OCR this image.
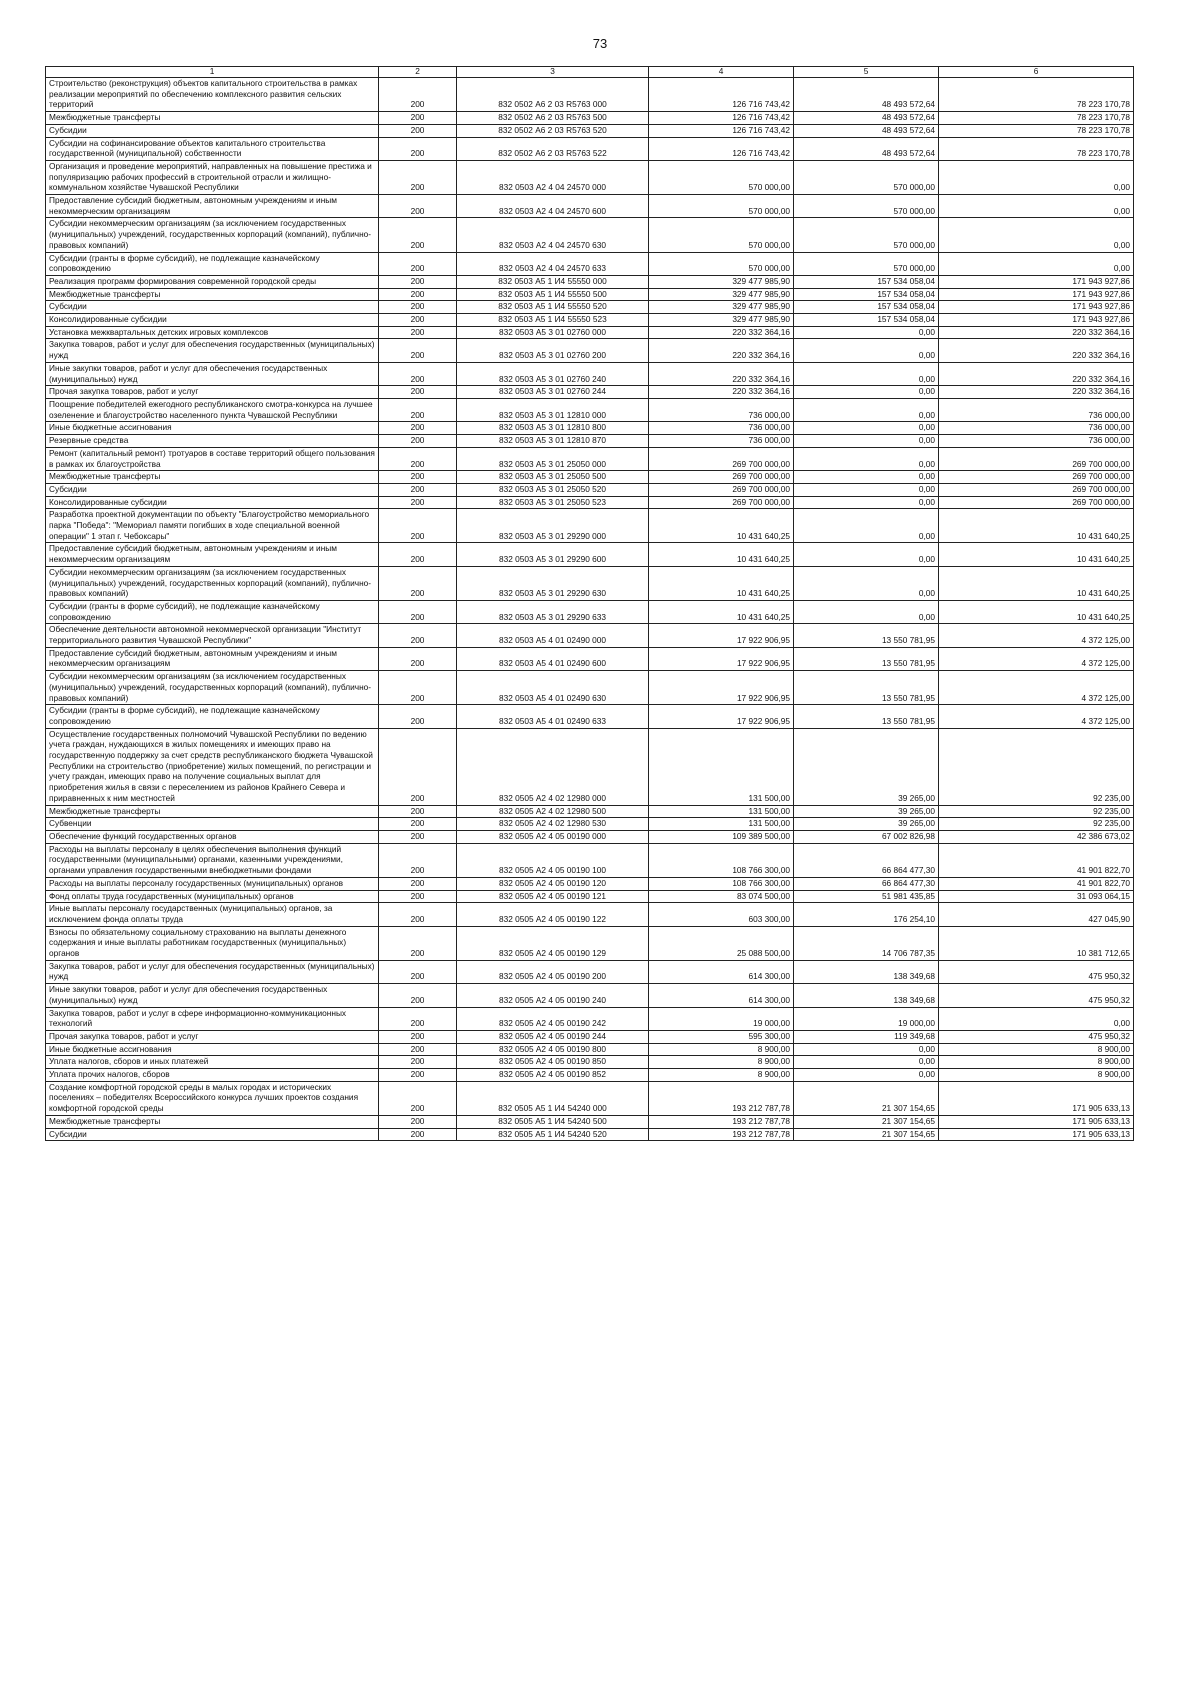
73
1	2	3	4	5	6
Строительство (реконструкция) объектов капитального строительства в рамках реализации мероприятий по обеспечению комплексного развития сельских территорий	200	832 0502 А6 2 03 R5763 000	126 716 743,42	48 493 572,64	78 223 170,78
Межбюджетные трансферты	200	832 0502 А6 2 03 R5763 500	126 716 743,42	48 493 572,64	78 223 170,78
Субсидии	200	832 0502 А6 2 03 R5763 520	126 716 743,42	48 493 572,64	78 223 170,78
Субсидии на софинансирование объектов капитального строительства государственной (муниципальной) собственности	200	832 0502 А6 2 03 R5763 522	126 716 743,42	48 493 572,64	78 223 170,78
Организация и проведение мероприятий, направленных на повышение престижа и популяризацию рабочих профессий в строительной отрасли и жилищно-коммунальном хозяйстве Чувашской Республики	200	832 0503 А2 4 04 24570 000	570 000,00	570 000,00	0,00
Предоставление субсидий бюджетным, автономным учреждениям и иным некоммерческим организациям	200	832 0503 А2 4 04 24570 600	570 000,00	570 000,00	0,00
Субсидии некоммерческим организациям (за исключением государственных (муниципальных) учреждений, государственных корпораций (компаний), публично-правовых компаний)	200	832 0503 А2 4 04 24570 630	570 000,00	570 000,00	0,00
Субсидии (гранты в форме субсидий), не подлежащие казначейскому сопровождению	200	832 0503 А2 4 04 24570 633	570 000,00	570 000,00	0,00
Реализация программ формирования современной городской среды	200	832 0503 А5 1 И4 55550 000	329 477 985,90	157 534 058,04	171 943 927,86
Межбюджетные трансферты	200	832 0503 А5 1 И4 55550 500	329 477 985,90	157 534 058,04	171 943 927,86
Субсидии	200	832 0503 А5 1 И4 55550 520	329 477 985,90	157 534 058,04	171 943 927,86
Консолидированные субсидии	200	832 0503 А5 1 И4 55550 523	329 477 985,90	157 534 058,04	171 943 927,86
Установка межквартальных детских игровых комплексов	200	832 0503 А5 3 01 02760 000	220 332 364,16	0,00	220 332 364,16
Закупка товаров, работ и услуг для обеспечения государственных (муниципальных) нужд	200	832 0503 А5 3 01 02760 200	220 332 364,16	0,00	220 332 364,16
Иные закупки товаров, работ и услуг для обеспечения государственных (муниципальных) нужд	200	832 0503 А5 3 01 02760 240	220 332 364,16	0,00	220 332 364,16
Прочая закупка товаров, работ и услуг	200	832 0503 А5 3 01 02760 244	220 332 364,16	0,00	220 332 364,16
Поощрение победителей ежегодного республиканского смотра-конкурса на лучшее озеленение и благоустройство населенного пункта Чувашской Республики	200	832 0503 А5 3 01 12810 000	736 000,00	0,00	736 000,00
Иные бюджетные ассигнования	200	832 0503 А5 3 01 12810 800	736 000,00	0,00	736 000,00
Резервные средства	200	832 0503 А5 3 01 12810 870	736 000,00	0,00	736 000,00
Ремонт (капитальный ремонт) тротуаров в составе территорий общего пользования в рамках их благоустройства	200	832 0503 А5 3 01 25050 000	269 700 000,00	0,00	269 700 000,00
Межбюджетные трансферты	200	832 0503 А5 3 01 25050 500	269 700 000,00	0,00	269 700 000,00
Субсидии	200	832 0503 А5 3 01 25050 520	269 700 000,00	0,00	269 700 000,00
Консолидированные субсидии	200	832 0503 А5 3 01 25050 523	269 700 000,00	0,00	269 700 000,00
Разработка проектной документации по объекту "Благоустройство мемориального парка "Победа": "Мемориал памяти погибших в ходе специальной военной операции" 1 этап г. Чебоксары"	200	832 0503 А5 3 01 29290 000	10 431 640,25	0,00	10 431 640,25
Предоставление субсидий бюджетным, автономным учреждениям и иным некоммерческим организациям	200	832 0503 А5 3 01 29290 600	10 431 640,25	0,00	10 431 640,25
Субсидии некоммерческим организациям (за исключением государственных (муниципальных) учреждений, государственных корпораций (компаний), публично-правовых компаний)	200	832 0503 А5 3 01 29290 630	10 431 640,25	0,00	10 431 640,25
Субсидии (гранты в форме субсидий), не подлежащие казначейскому сопровождению	200	832 0503 А5 3 01 29290 633	10 431 640,25	0,00	10 431 640,25
Обеспечение деятельности автономной некоммерческой организации "Институт территориального развития Чувашской Республики"	200	832 0503 А5 4 01 02490 000	17 922 906,95	13 550 781,95	4 372 125,00
Предоставление субсидий бюджетным, автономным учреждениям и иным некоммерческим организациям	200	832 0503 А5 4 01 02490 600	17 922 906,95	13 550 781,95	4 372 125,00
Субсидии некоммерческим организациям (за исключением государственных (муниципальных) учреждений, государственных корпораций (компаний), публично-правовых компаний)	200	832 0503 А5 4 01 02490 630	17 922 906,95	13 550 781,95	4 372 125,00
Субсидии (гранты в форме субсидий), не подлежащие казначейскому сопровождению	200	832 0503 А5 4 01 02490 633	17 922 906,95	13 550 781,95	4 372 125,00
Осуществление государственных полномочий Чувашской Республики по ведению учета граждан, нуждающихся в жилых помещениях и имеющих право на государственную поддержку за счет средств республиканского бюджета Чувашской Республики на строительство (приобретение) жилых помещений, по регистрации и учету граждан, имеющих право на получение социальных выплат для приобретения жилья в связи с переселением из районов Крайнего Севера и приравненных к ним местностей	200	832 0505 А2 4 02 12980 000	131 500,00	39 265,00	92 235,00
Межбюджетные трансферты	200	832 0505 А2 4 02 12980 500	131 500,00	39 265,00	92 235,00
Субвенции	200	832 0505 А2 4 02 12980 530	131 500,00	39 265,00	92 235,00
Обеспечение функций государственных органов	200	832 0505 А2 4 05 00190 000	109 389 500,00	67 002 826,98	42 386 673,02
Расходы на выплаты персоналу в целях обеспечения выполнения функций государственными (муниципальными) органами, казенными учреждениями, органами управления государственными внебюджетными фондами	200	832 0505 А2 4 05 00190 100	108 766 300,00	66 864 477,30	41 901 822,70
Расходы на выплаты персоналу государственных (муниципальных) органов	200	832 0505 А2 4 05 00190 120	108 766 300,00	66 864 477,30	41 901 822,70
Фонд оплаты труда государственных (муниципальных) органов	200	832 0505 А2 4 05 00190 121	83 074 500,00	51 981 435,85	31 093 064,15
Иные выплаты персоналу государственных (муниципальных) органов, за исключением фонда оплаты труда	200	832 0505 А2 4 05 00190 122	603 300,00	176 254,10	427 045,90
Взносы по обязательному социальному страхованию на выплаты денежного содержания и иные выплаты работникам государственных (муниципальных) органов	200	832 0505 А2 4 05 00190 129	25 088 500,00	14 706 787,35	10 381 712,65
Закупка товаров, работ и услуг для обеспечения государственных (муниципальных) нужд	200	832 0505 А2 4 05 00190 200	614 300,00	138 349,68	475 950,32
Иные закупки товаров, работ и услуг для обеспечения государственных (муниципальных) нужд	200	832 0505 А2 4 05 00190 240	614 300,00	138 349,68	475 950,32
Закупка товаров, работ и услуг в сфере информационно-коммуникационных технологий	200	832 0505 А2 4 05 00190 242	19 000,00	19 000,00	0,00
Прочая закупка товаров, работ и услуг	200	832 0505 А2 4 05 00190 244	595 300,00	119 349,68	475 950,32
Иные бюджетные ассигнования	200	832 0505 А2 4 05 00190 800	8 900,00	0,00	8 900,00
Уплата налогов, сборов и иных платежей	200	832 0505 А2 4 05 00190 850	8 900,00	0,00	8 900,00
Уплата прочих налогов, сборов	200	832 0505 А2 4 05 00190 852	8 900,00	0,00	8 900,00
Создание комфортной городской среды в малых городах и исторических поселениях – победителях Всероссийского конкурса лучших проектов создания комфортной городской среды	200	832 0505 А5 1 И4 54240 000	193 212 787,78	21 307 154,65	171 905 633,13
Межбюджетные трансферты	200	832 0505 А5 1 И4 54240 500	193 212 787,78	21 307 154,65	171 905 633,13
Субсидии	200	832 0505 А5 1 И4 54240 520	193 212 787,78	21 307 154,65	171 905 633,13
